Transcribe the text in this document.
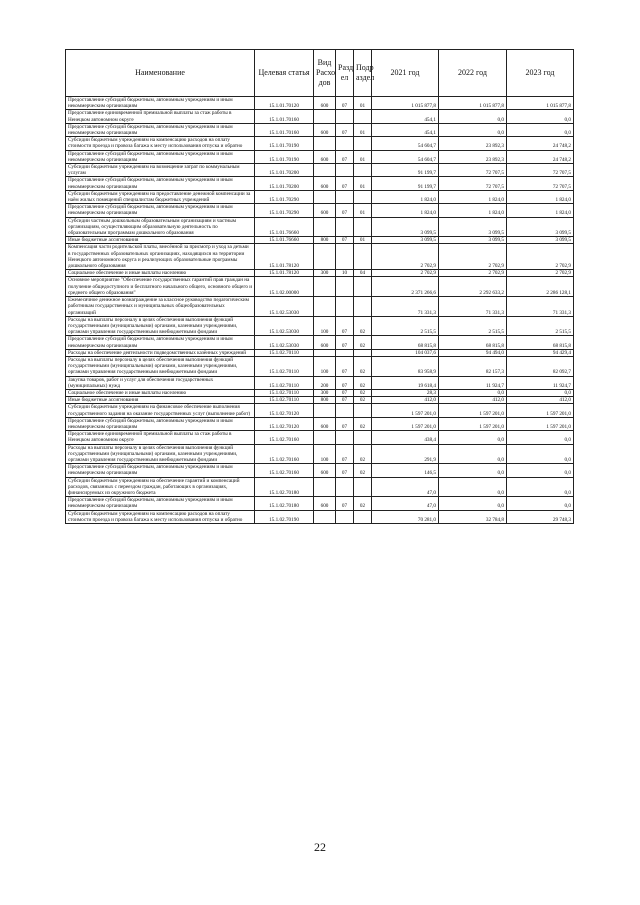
Наименование	Целевая статья	Вид Расхо дов	Разд ел	Подр аздел	2021 год	2022 год	2023 год
Предоставление субсидий бюджетным, автономным учреждениям и иным некоммерческим организациям	15.1.01.70120	600	07	01	1 015 877,8	1 015 877,8	1 015 877,8
Предоставление единовременной премиальной выплаты за стаж работы в Ненецком автономном округе	15.1.01.70160				454,1	0,0	0,0
Предоставление субсидий бюджетным, автономным учреждениям и иным некоммерческим организациям	15.1.01.70160	600	07	01	454,1	0,0	0,0
Субсидии бюджетным учреждениям на компенсацию расходов на оплату стоимости проезда и провоза багажа к месту использования отпуска и обратно	15.1.01.70190				54 604,7	23 892,3	24 748,2
Предоставление субсидий бюджетным, автономным учреждениям и иным некоммерческим организациям	15.1.01.70190	600	07	01	54 604,7	23 892,3	24 748,2
Субсидии бюджетным учреждениям на возмещение затрат по коммунальным услугам	15.1.01.70200				91 199,7	72 707,5	72 707,5
Предоставление субсидий бюджетным, автономным учреждениям и иным некоммерческим организациям	15.1.01.70200	600	07	01	91 199,7	72 707,5	72 707,5
Субсидии бюджетным учреждениям на предоставление денежной компенсации за наём жилых помещений специалистам бюджетных учреждений	15.1.01.70290				1 824,0	1 824,0	1 824,0
Предоставление субсидий бюджетным, автономным учреждениям и иным некоммерческим организациям	15.1.01.70290	600	07	01	1 824,0	1 824,0	1 824,0
Субсидии частным дошкольным образовательным организациям и частным организациям, осуществляющим образовательную деятельность по образовательным программам дошкольного образования	15.1.01.76660				3 099,5	3 099,5	3 099,5
Иные бюджетные ассигнования	15.1.01.76660	800	07	01	3 099,5	3 099,5	3 099,5
Компенсация части родительской платы, внесённой за присмотр и уход за детьми в государственных образовательных организациях, находящихся на территории Ненецкого автономного округа и реализующих образовательные программы дошкольного образования	15.1.01.78120				2 702,9	2 702,9	2 702,9
Социальное обеспечение и иные выплаты населению	15.1.01.78120	300	10	04	2 702,9	2 702,9	2 702,9
Основное мероприятие "Обеспечение государственных гарантий прав граждан на получение общедоступного и бесплатного начального общего, основного общего и среднего общего образования"	15.1.02.00000				2 371 266,6	2 292 633,2	2 286 128,1
Ежемесячное денежное вознаграждение за классное руководство педагогическим работникам государственных и муниципальных общеобразовательных организаций	15.1.02.53030				71 331,3	71 331,3	71 331,3
Расходы на выплаты персоналу в целях обеспечения выполнения функций государственными (муниципальными) органами, казенными учреждениями, органами управления государственными внебюджетными фондами	15.1.02.53030	100	07	02	2 515,5	2 515,5	2 515,5
Предоставление субсидий бюджетным, автономным учреждениям и иным некоммерческим организациям	15.1.02.53030	600	07	02	68 815,8	68 815,8	68 815,8
Расходы на обеспечение деятельности подведомственных казённых учреждений	15.1.02.70110				104 037,6	94 494,0	94 429,4
Расходы на выплаты персоналу в целях обеспечения выполнения функций государственными (муниципальными) органами, казенными учреждениями, органами управления государственными внебюджетными фондами	15.1.02.70110	100	07	02	83 958,9	82 157,3	82 092,7
Закупка товаров, работ и услуг для обеспечения государственных (муниципальных) нужд	15.1.02.70110	200	07	02	19 618,4	11 924,7	11 924,7
Социальное обеспечение и иные выплаты населению	15.1.02.70110	300	07	02	28,3	0,0	0,0
Иные бюджетные ассигнования	15.1.02.70110	800	07	02	412,0	412,0	412,0
Субсидии бюджетным учреждениям на финансовое обеспечение выполнения государственного задания на оказание государственных услуг (выполнение работ)	15.1.02.70120				1 597 201,0	1 597 201,0	1 597 201,0
Предоставление субсидий бюджетным, автономным учреждениям и иным некоммерческим организациям	15.1.02.70120	600	07	02	1 597 201,0	1 597 201,0	1 597 201,0
Предоставление единовременной премиальной выплаты за стаж работы в Ненецком автономном округе	15.1.02.70160				438,4	0,0	0,0
Расходы на выплаты персоналу в целях обеспечения выполнения функций государственными (муниципальными) органами, казенными учреждениями, органами управления государственными внебюджетными фондами	15.1.02.70160	100	07	02	291,9	0,0	0,0
Предоставление субсидий бюджетным, автономным учреждениям и иным некоммерческим организациям	15.1.02.70160	600	07	02	146,5	0,0	0,0
Субсидии бюджетным учреждениям на обеспечение гарантий и компенсаций расходов, связанных с переездом граждан, работающих в организациях, финансируемых из окружного бюджета	15.1.02.70180				47,0	0,0	0,0
Предоставление субсидий бюджетным, автономным учреждениям и иным некоммерческим организациям	15.1.02.70180	600	07	02	47,0	0,0	0,0
Субсидии бюджетным учреждениям на компенсацию расходов на оплату стоимости проезда и провоза багажа к месту использования отпуска и обратно	15.1.02.70190				70 281,0	32 784,8	29 748,3
22
